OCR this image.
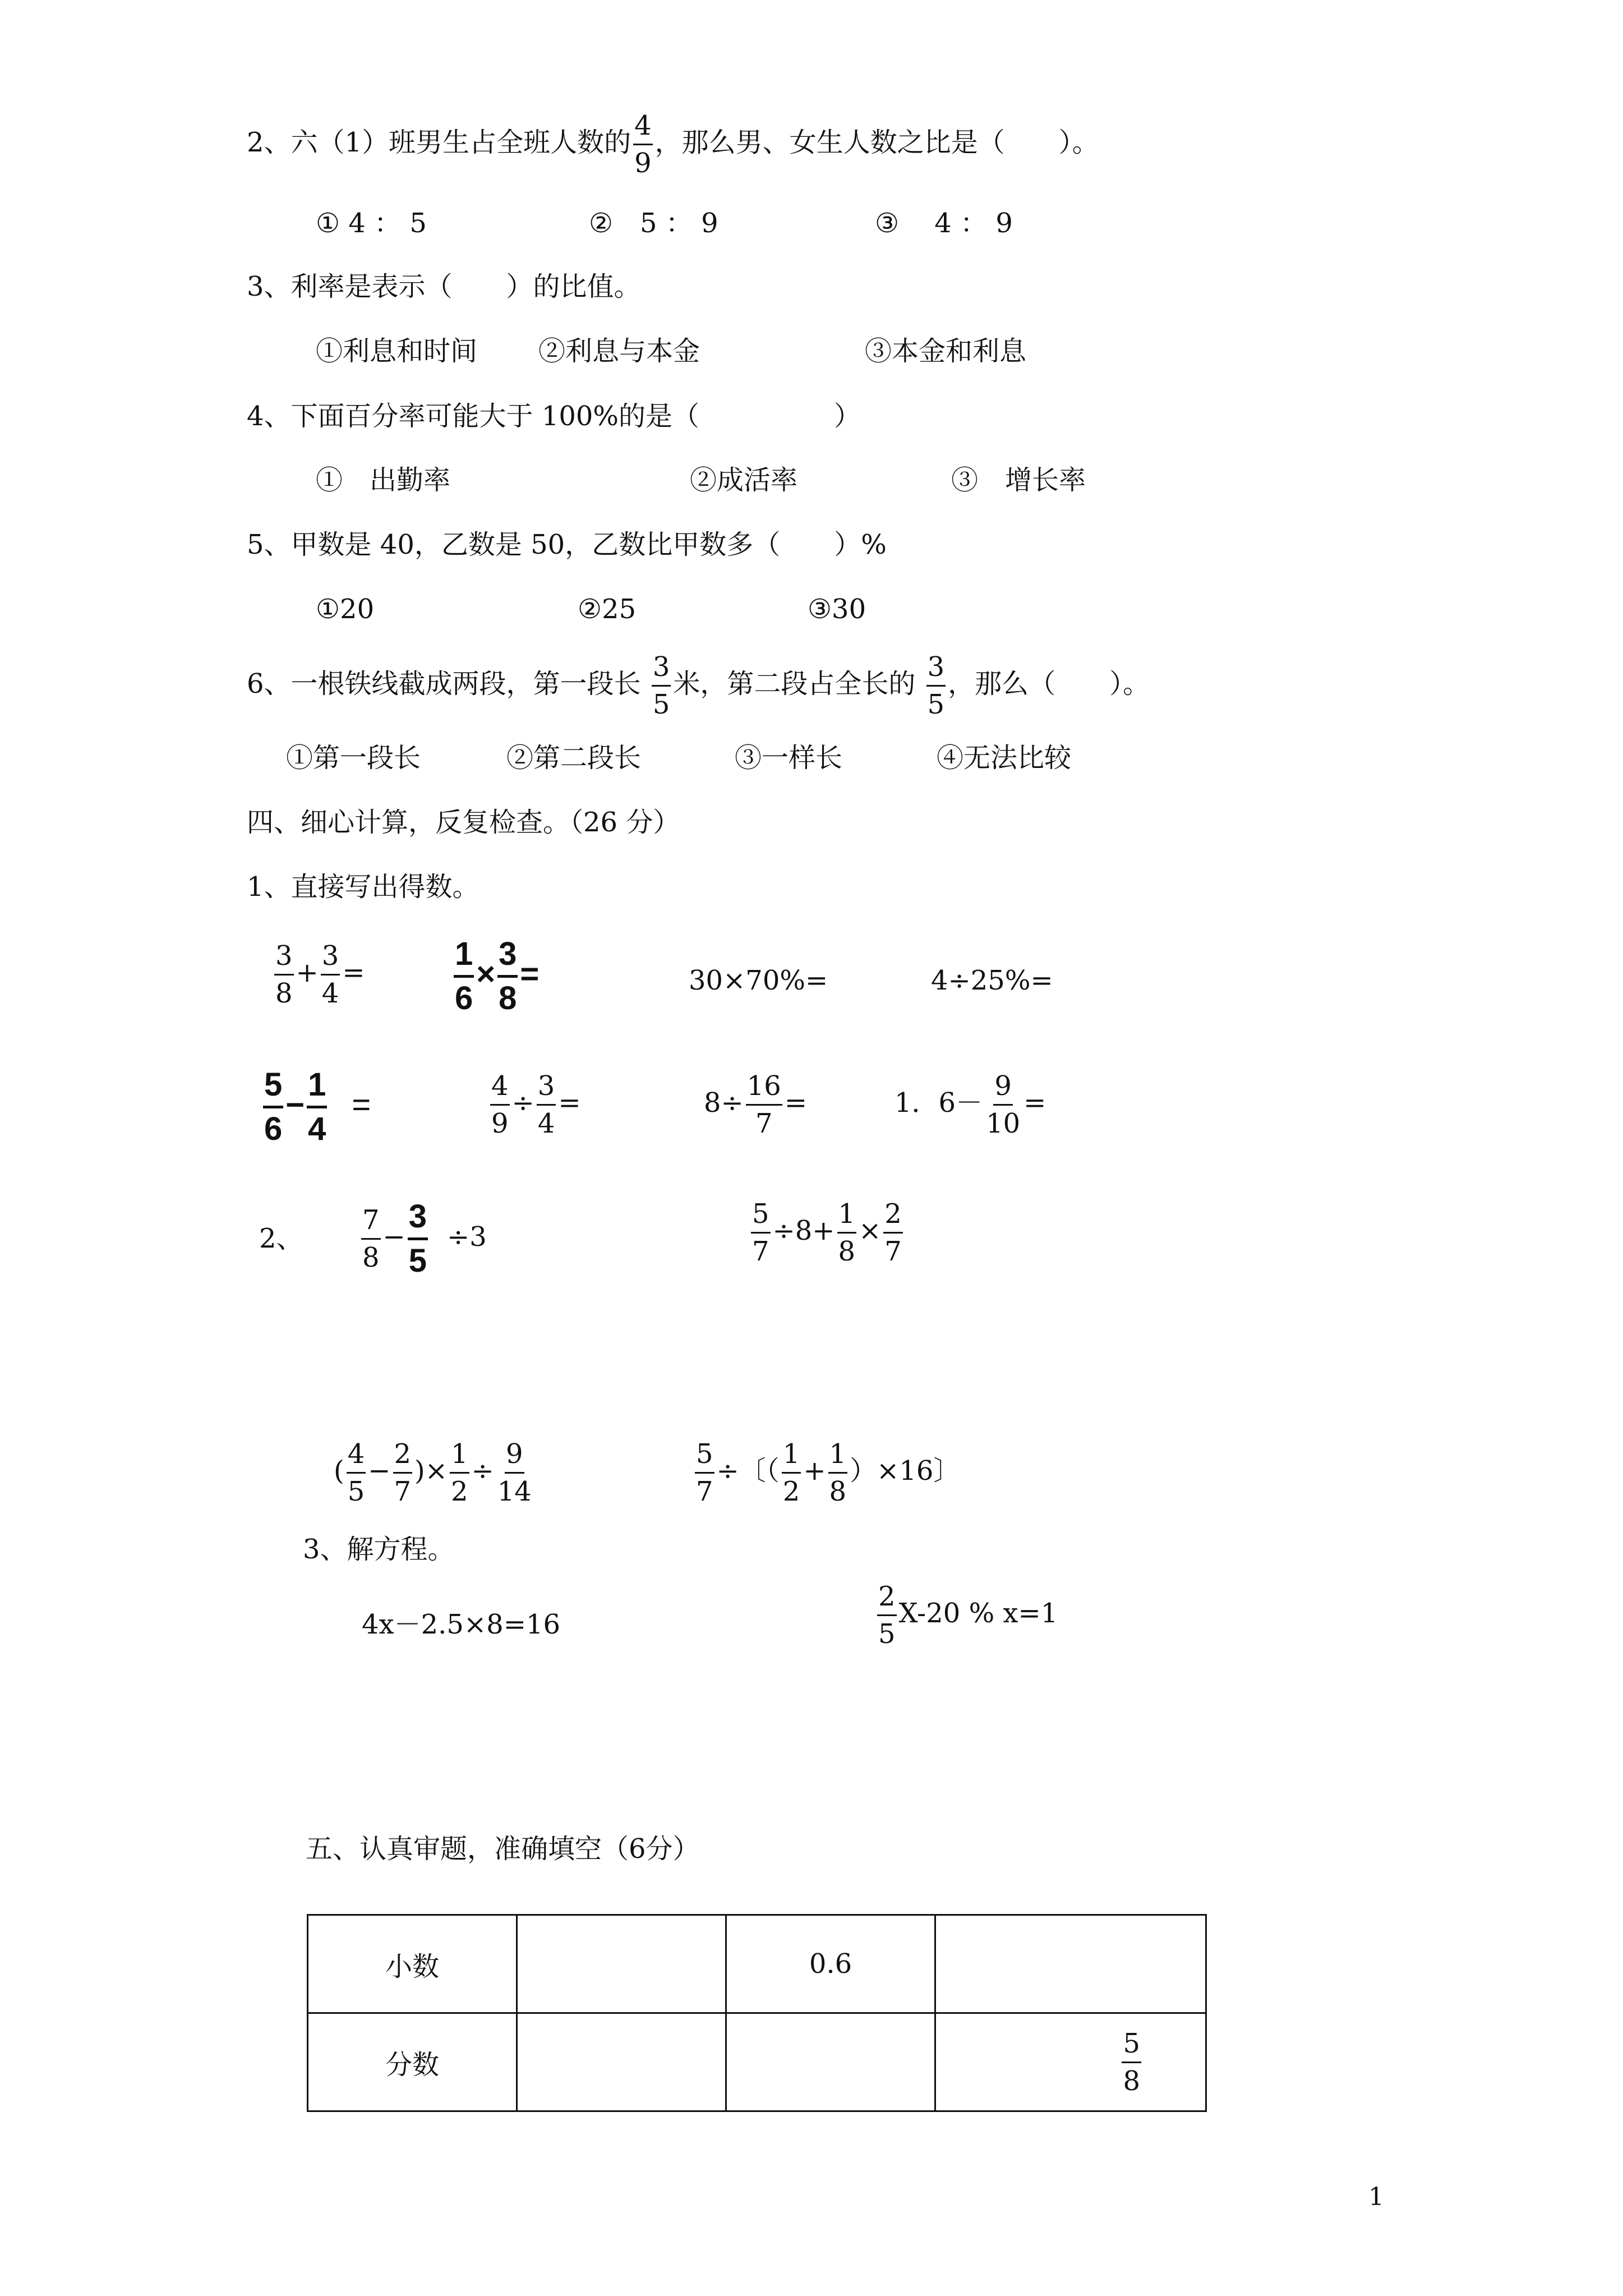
2、六（1）班男生占全班人数的 $\frac{4}{9}$ ，那么男、女生人数之比是（　　）。
① 4 ： 5	②　5 ： 9	③　 4 ： 9
3、利率是表示（　　）的比值。
①利息和时间 ②利息与本金	③本金和利息
4、下面百分率可能大于 100%的是（　　　　　）
①　出勤率	②成活率	③　增长率
5、甲数是 40，乙数是 50，乙数比甲数多（　　）%
①20	②25	③30
6、一根铁线截成两段，第一段长 $\frac{3}{5}$ 米，第二段占全长的 $\frac{3}{5}$ ，那么（　　）。
①第一段长	②第二段长	③一样长	④无法比较
四、细心计算，反复检查。（26 分）
1、直接写出得数。
$\frac{3}{8} + \frac{3}{4}$ =	$\frac{1}{6} \times \frac{3}{8}$ =	30×70%=	4÷25%=
$\frac{5}{6} - \frac{1}{4}$ =	$\frac{4}{9} \div \frac{3}{4}$ =	$8\div \frac{16}{7}$ =	1．$6- \frac{9}{10}$ =
2、 $\frac{7}{8} - \frac{3}{5} \div 3$	$\frac{5}{7} \div 8+ \frac{1}{8} \times \frac{2}{7}$
( $\frac{4}{5} - \frac{2}{7}$ )× $\frac{1}{2} \div \frac{9}{14}$	$\frac{5}{7}$ ÷〔（ $\frac{1}{2} + \frac{1}{8} )\times 16$〕
3、解方程。
4x－2.5×8=16	$\frac{2}{5} X-20$ % x=1
五、认真审题，准确填空（6分）
小数		0.6	
分数			$\frac{5}{8}$
1
